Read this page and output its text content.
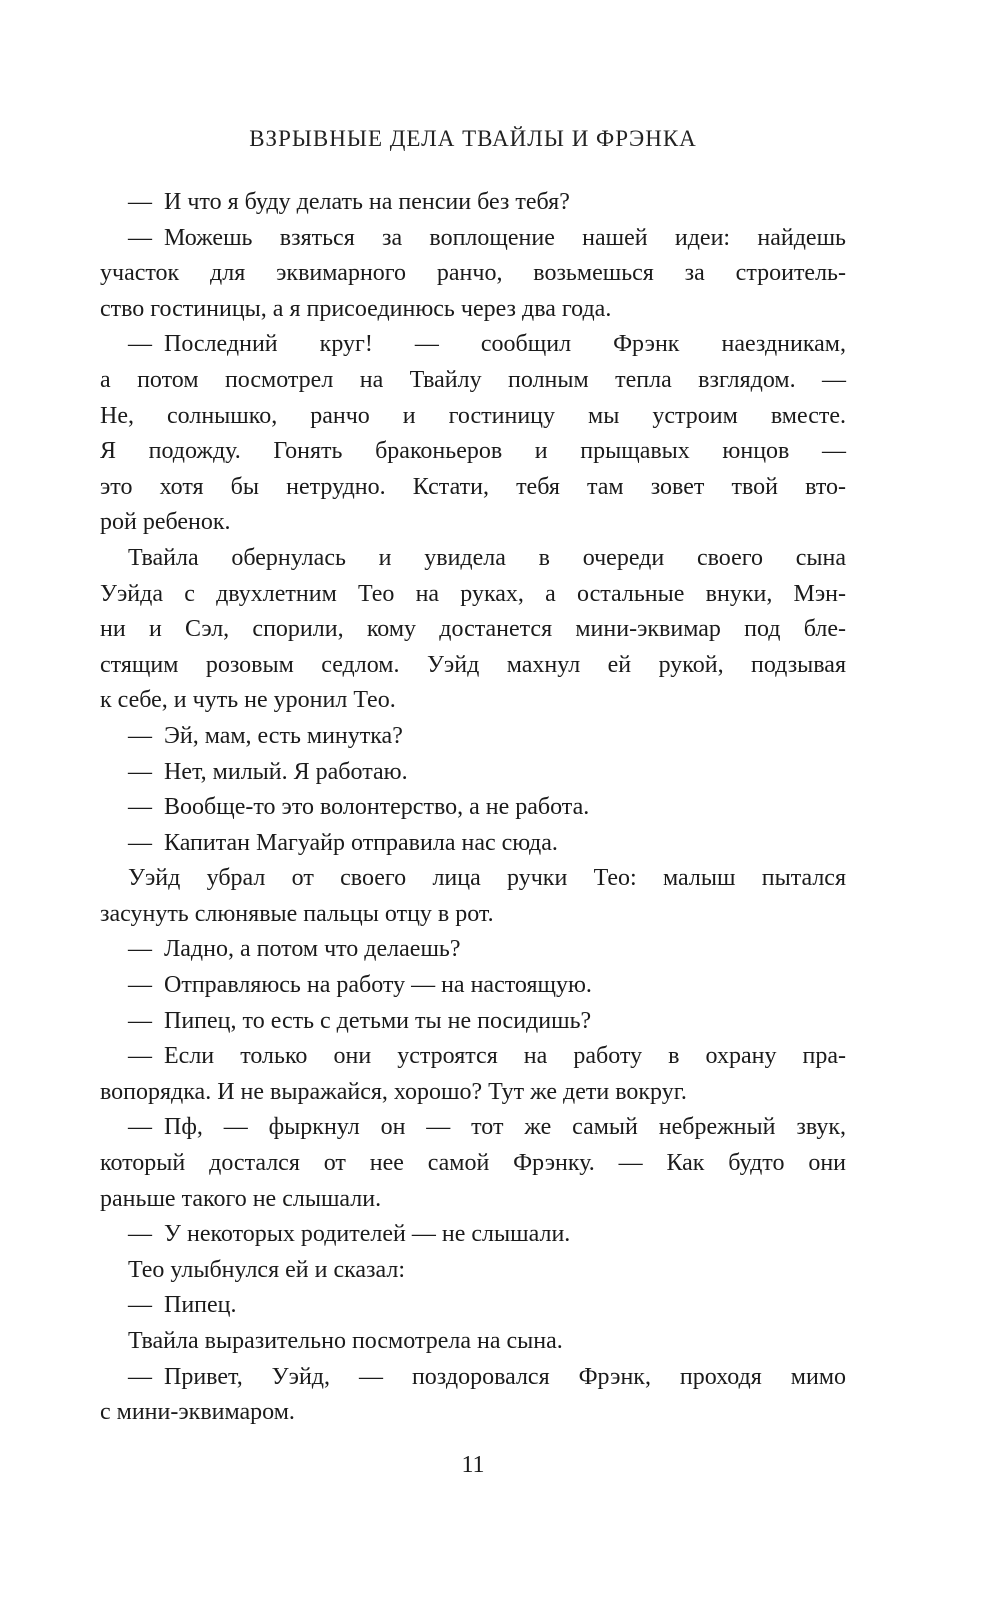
ВЗРЫВНЫЕ ДЕЛА ТВАЙЛЫ И ФРЭНКА
— И что я буду делать на пенсии без тебя?
— Можешь взяться за воплощение нашей идеи: найдешь
участок для эквимарного ранчо, возьмешься за строитель-
ство гостиницы, а я присоединюсь через два года.
— Последний круг! — сообщил Фрэнк наездникам,
а потом посмотрел на Твайлу полным тепла взглядом. —
Не, солнышко, ранчо и гостиницу мы устроим вместе.
Я подожду. Гонять браконьеров и прыщавых юнцов —
это хотя бы нетрудно. Кстати, тебя там зовет твой вто-
рой ребенок.
Твайла обернулась и увидела в очереди своего сына
Уэйда с двухлетним Тео на руках, а остальные внуки, Мэн-
ни и Сэл, спорили, кому достанется мини-эквимар под бле-
стящим розовым седлом. Уэйд махнул ей рукой, подзывая
к себе, и чуть не уронил Тео.
— Эй, мам, есть минутка?
— Нет, милый. Я работаю.
— Вообще-то это волонтерство, а не работа.
— Капитан Магуайр отправила нас сюда.
Уэйд убрал от своего лица ручки Тео: малыш пытался
засунуть слюнявые пальцы отцу в рот.
— Ладно, а потом что делаешь?
— Отправляюсь на работу — на настоящую.
— Пипец, то есть с детьми ты не посидишь?
— Если только они устроятся на работу в охрану пра-
вопорядка. И не выражайся, хорошо? Тут же дети вокруг.
— Пф, — фыркнул он — тот же самый небрежный звук,
который достался от нее самой Фрэнку. — Как будто они
раньше такого не слышали.
— У некоторых родителей — не слышали.
Тео улыбнулся ей и сказал:
— Пипец.
Твайла выразительно посмотрела на сына.
— Привет, Уэйд, — поздоровался Фрэнк, проходя мимо
с мини-эквимаром.
11
